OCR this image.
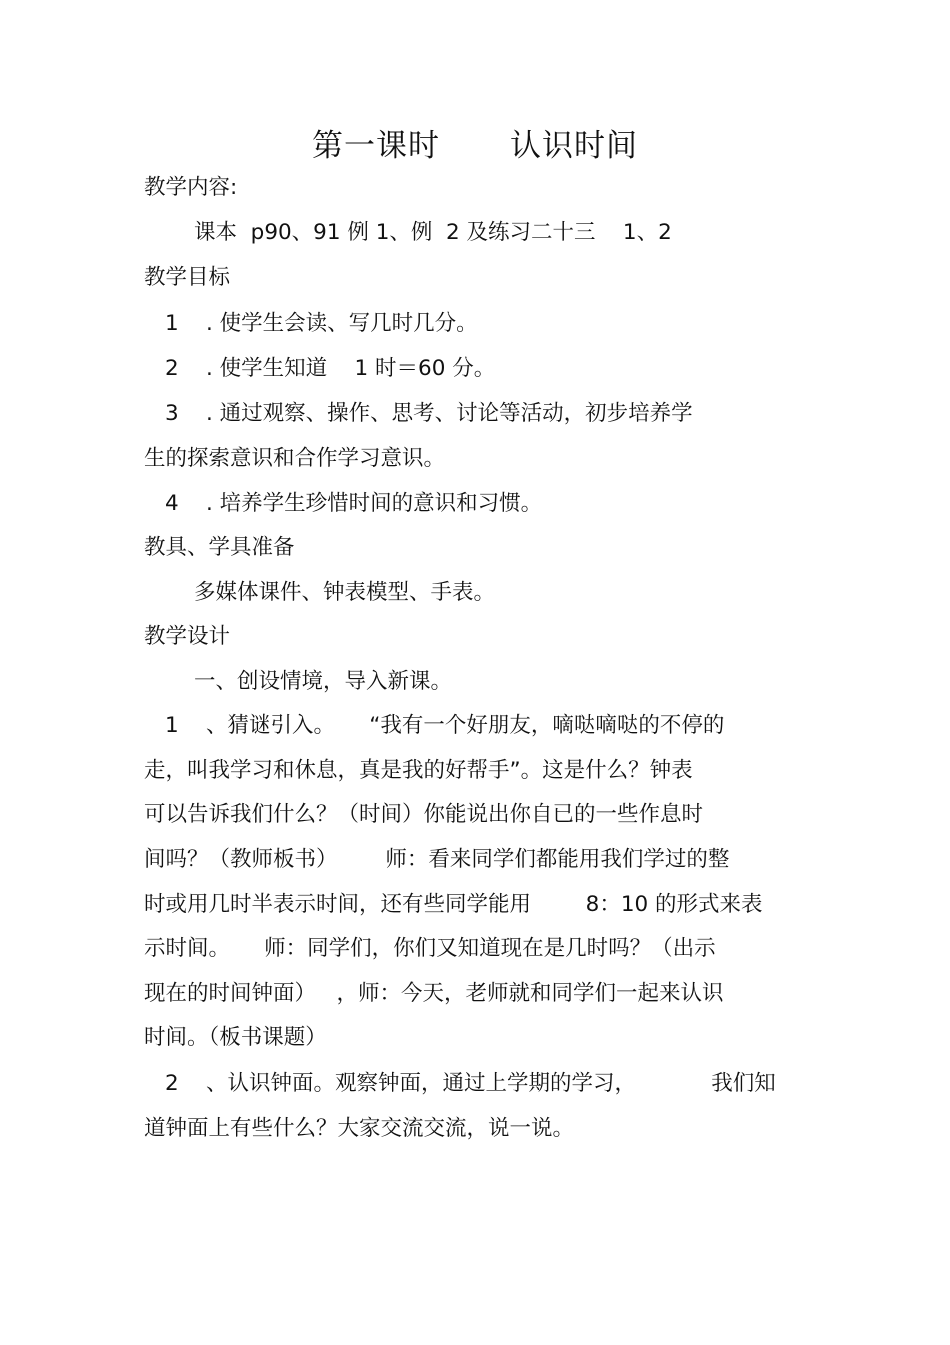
第一课时 认识时间
教学内容:
课本  p90、91 例 1、例  2 及练习二十三    1、2
教学目标
1    . 使学生会读、写几时几分。
2    . 使学生知道    1 时＝60 分。
3    . 通过观察、操作、思考、讨论等活动，初步培养学
生的探索意识和合作学习意识。
4    . 培养学生珍惜时间的意识和习惯。
教具、学具准备
多媒体课件、钟表模型、手表。
教学设计
一、创设情境，导入新课。
1    、猜谜引入。     “我有一个好朋友，嘀哒嘀哒的不停的
走，叫我学习和休息，真是我的好帮手”。这是什么？钟表
可以告诉我们什么？（时间）你能说出你自已的一些作息时
间吗？（教师板书）       师：看来同学们都能用我们学过的整
时或用几时半表示时间，还有些同学能用        8：10 的形式来表
示时间。     师：同学们，你们又知道现在是几时吗？（出示
现在的时间钟面）   ，师：今天，老师就和同学们一起来认识
时间。（板书课题）
2    、认识钟面。观察钟面，通过上学期的学习，           我们知
道钟面上有些什么？大家交流交流，说一说。
